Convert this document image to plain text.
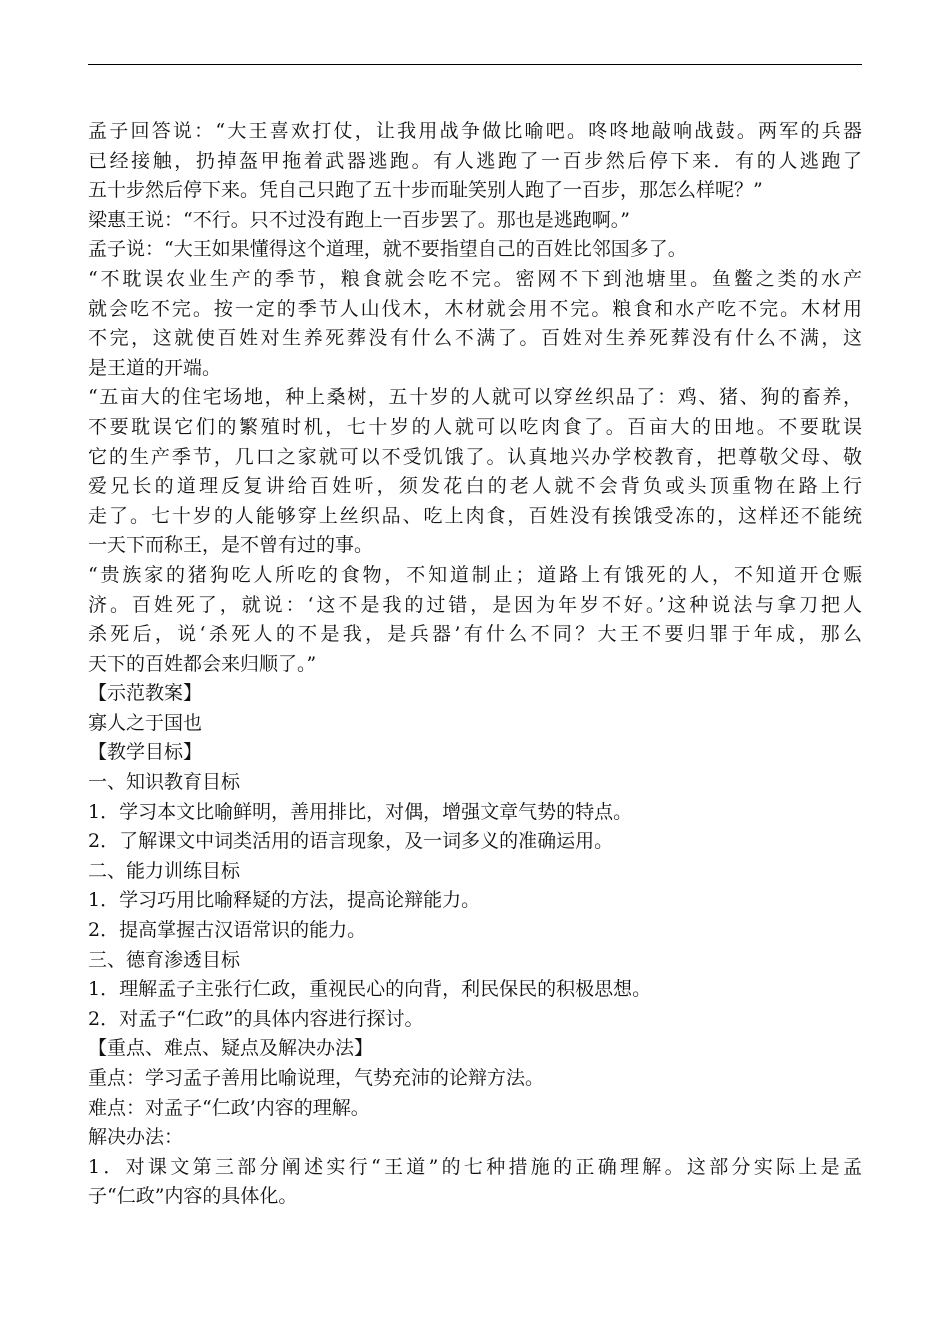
孟子回答说：“大王喜欢打仗，让我用战争做比喻吧。咚咚地敲响战鼓。两军的兵器
已经接触，扔掉盔甲拖着武器逃跑。有人逃跑了一百步然后停下来．有的人逃跑了
五十步然后停下来。凭自己只跑了五十步而耻笑别人跑了一百步，那怎么样呢？”
梁惠王说：“不行。只不过没有跑上一百步罢了。那也是逃跑啊。”
孟子说：“大王如果懂得这个道理，就不要指望自己的百姓比邻国多了。
“不耽误农业生产的季节，粮食就会吃不完。密网不下到池塘里。鱼鳖之类的水产
就会吃不完。按一定的季节人山伐木，木材就会用不完。粮食和水产吃不完。木材用
不完，这就使百姓对生养死葬没有什么不满了。百姓对生养死葬没有什么不满，这
是王道的开端。
“五亩大的住宅场地，种上桑树，五十岁的人就可以穿丝织品了：鸡、猪、狗的畜养，
不要耽误它们的繁殖时机，七十岁的人就可以吃肉食了。百亩大的田地。不要耽误
它的生产季节，几口之家就可以不受饥饿了。认真地兴办学校教育，把尊敬父母、敬
爱兄长的道理反复讲给百姓听，须发花白的老人就不会背负或头顶重物在路上行
走了。七十岁的人能够穿上丝织品、吃上肉食，百姓没有挨饿受冻的，这样还不能统
一天下而称王，是不曾有过的事。
“贵族家的猪狗吃人所吃的食物，不知道制止；道路上有饿死的人，不知道开仓赈
济。百姓死了，就说：‘这不是我的过错，是因为年岁不好。’这种说法与拿刀把人
杀死后，说‘杀死人的不是我，是兵器’有什么不同？大王不要归罪于年成，那么
天下的百姓都会来归顺了。”
【示范教案】
寡人之于国也
【教学目标】
一、知识教育目标
1．学习本文比喻鲜明，善用排比，对偶，增强文章气势的特点。
2．了解课文中词类活用的语言现象，及一词多义的准确运用。
二、能力训练目标
1．学习巧用比喻释疑的方法，提高论辩能力。
2．提高掌握古汉语常识的能力。
三、德育渗透目标
1．理解孟子主张行仁政，重视民心的向背，利民保民的积极思想。
2．对孟子“仁政”的具体内容进行探讨。
【重点、难点、疑点及解决办法】
重点：学习孟子善用比喻说理，气势充沛的论辩方法。
难点：对孟子“仁政’内容的理解。
解决办法：
1．对课文第三部分阐述实行“王道”的七种措施的正确理解。这部分实际上是孟
子“仁政”内容的具体化。
